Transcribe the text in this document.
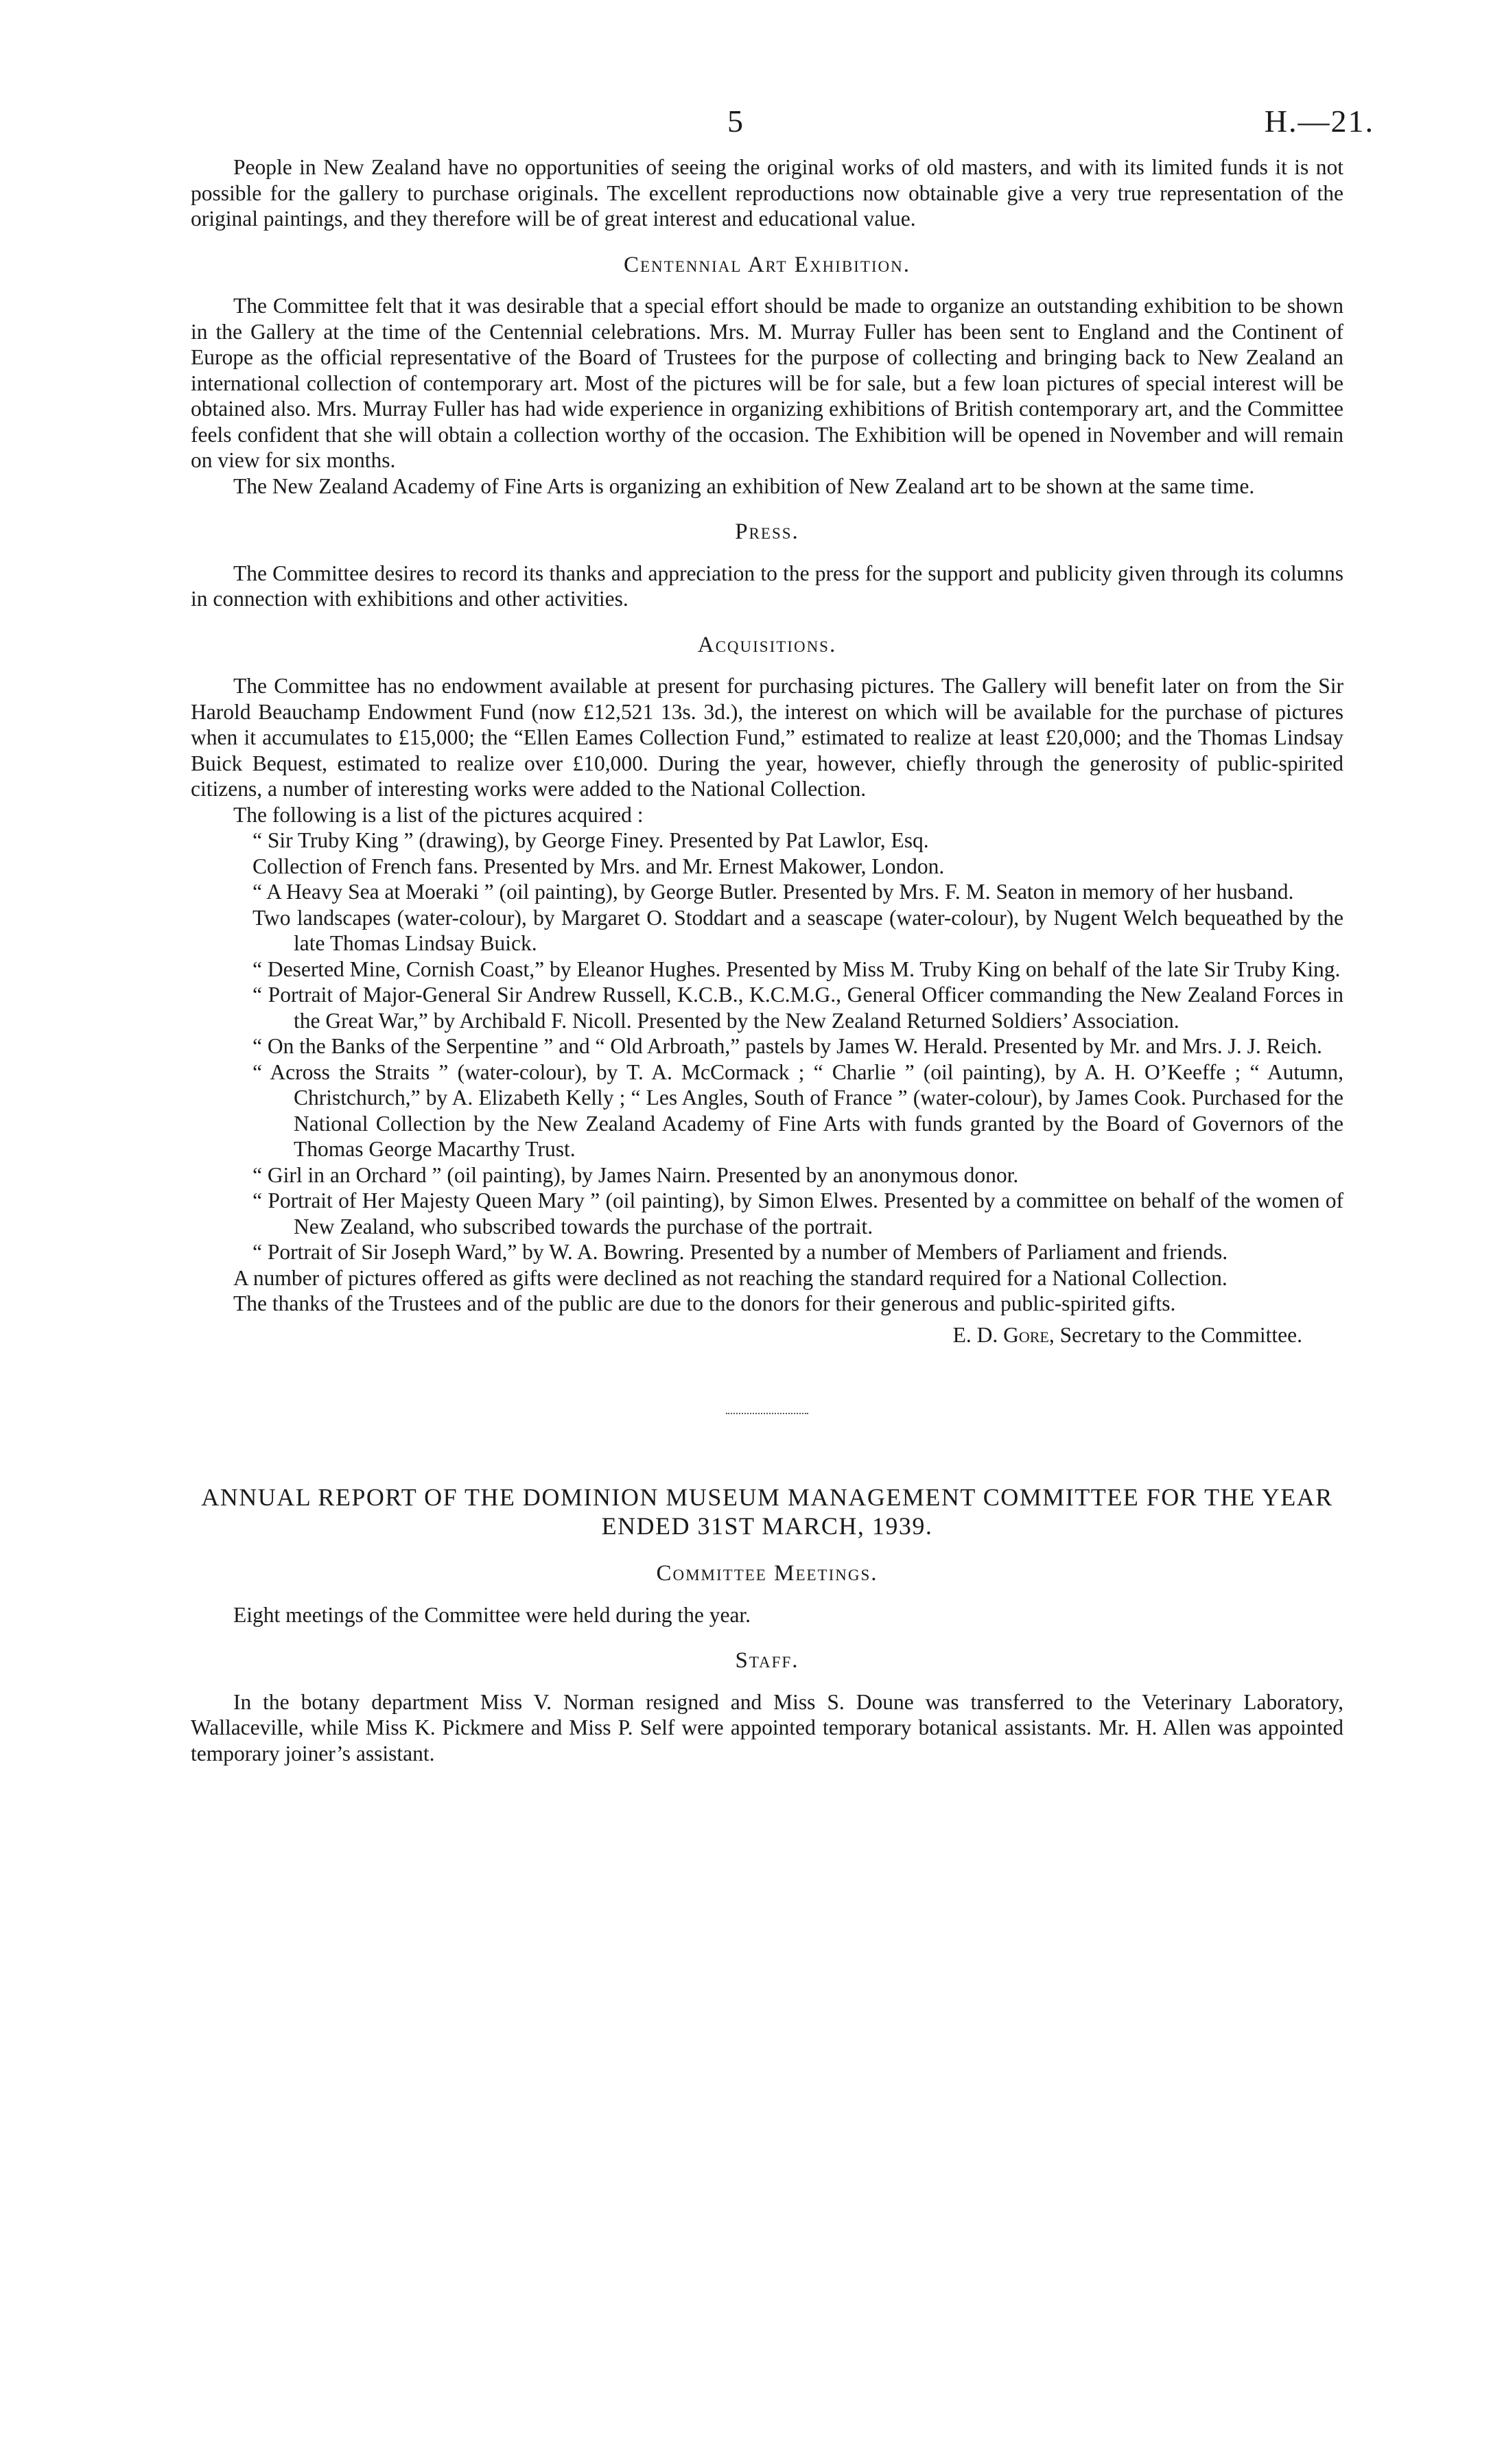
5	H.—21.

People in New Zealand have no opportunities of seeing the original works of old masters, and with its limited funds it is not possible for the gallery to purchase originals. The excellent reproductions now obtainable give a very true representation of the original paintings, and they therefore will be of great interest and educational value.

Centennial Art Exhibition.

The Committee felt that it was desirable that a special effort should be made to organize an outstanding exhibition to be shown in the Gallery at the time of the Centennial celebrations. Mrs. M. Murray Fuller has been sent to England and the Continent of Europe as the official representative of the Board of Trustees for the purpose of collecting and bringing back to New Zealand an international collection of contemporary art. Most of the pictures will be for sale, but a few loan pictures of special interest will be obtained also. Mrs. Murray Fuller has had wide experience in organizing exhibitions of British contemporary art, and the Committee feels confident that she will obtain a collection worthy of the occasion. The Exhibition will be opened in November and will remain on view for six months.

The New Zealand Academy of Fine Arts is organizing an exhibition of New Zealand art to be shown at the same time.

Press.

The Committee desires to record its thanks and appreciation to the press for the support and publicity given through its columns in connection with exhibitions and other activities.

Acquisitions.

The Committee has no endowment available at present for purchasing pictures. The Gallery will benefit later on from the Sir Harold Beauchamp Endowment Fund (now £12,521 13s. 3d.), the interest on which will be available for the purchase of pictures when it accumulates to £15,000; the “Ellen Eames Collection Fund,” estimated to realize at least £20,000; and the Thomas Lindsay Buick Bequest, estimated to realize over £10,000. During the year, however, chiefly through the generosity of public-spirited citizens, a number of interesting works were added to the National Collection.

The following is a list of the pictures acquired :

“ Sir Truby King ” (drawing), by George Finey. Presented by Pat Lawlor, Esq.
Collection of French fans. Presented by Mrs. and Mr. Ernest Makower, London.
“ A Heavy Sea at Moeraki ” (oil painting), by George Butler. Presented by Mrs. F. M. Seaton in memory of her husband.
Two landscapes (water-colour), by Margaret O. Stoddart and a seascape (water-colour), by Nugent Welch bequeathed by the late Thomas Lindsay Buick.
“ Deserted Mine, Cornish Coast,” by Eleanor Hughes. Presented by Miss M. Truby King on behalf of the late Sir Truby King.
“ Portrait of Major-General Sir Andrew Russell, K.C.B., K.C.M.G., General Officer commanding the New Zealand Forces in the Great War,” by Archibald F. Nicoll. Presented by the New Zealand Returned Soldiers’ Association.
“ On the Banks of the Serpentine ” and “ Old Arbroath,” pastels by James W. Herald. Presented by Mr. and Mrs. J. J. Reich.
“ Across the Straits ” (water-colour), by T. A. McCormack ; “ Charlie ” (oil painting), by A. H. O’Keeffe ; “ Autumn, Christchurch,” by A. Elizabeth Kelly ; “ Les Angles, South of France ” (water-colour), by James Cook. Purchased for the National Collection by the New Zealand Academy of Fine Arts with funds granted by the Board of Governors of the Thomas George Macarthy Trust.
“ Girl in an Orchard ” (oil painting), by James Nairn. Presented by an anonymous donor.
“ Portrait of Her Majesty Queen Mary ” (oil painting), by Simon Elwes. Presented by a committee on behalf of the women of New Zealand, who subscribed towards the purchase of the portrait.
“ Portrait of Sir Joseph Ward,” by W. A. Bowring. Presented by a number of Members of Parliament and friends.

A number of pictures offered as gifts were declined as not reaching the standard required for a National Collection.

The thanks of the Trustees and of the public are due to the donors for their generous and public-spirited gifts.

E. D. Gore, Secretary to the Committee.

ANNUAL REPORT OF THE DOMINION MUSEUM MANAGEMENT COMMITTEE FOR THE YEAR ENDED 31ST MARCH, 1939.

Committee Meetings.

Eight meetings of the Committee were held during the year.

Staff.

In the botany department Miss V. Norman resigned and Miss S. Doune was transferred to the Veterinary Laboratory, Wallaceville, while Miss K. Pickmere and Miss P. Self were appointed temporary botanical assistants. Mr. H. Allen was appointed temporary joiner’s assistant.
